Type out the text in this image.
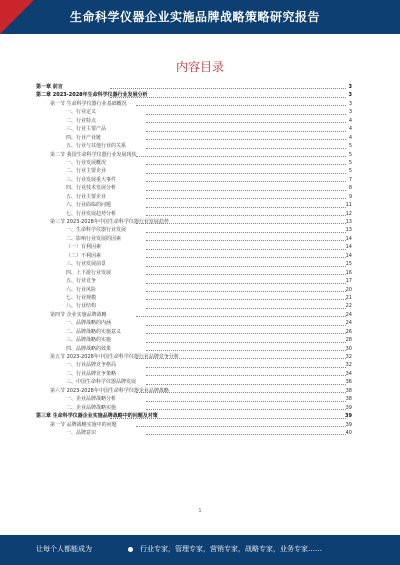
生命科学仪器企业实施品牌战略策略研究报告
内容目录
第一章 前言	3
第二章 2023-2028年生命科学仪器行业发展分析	3
第一节 生命科学仪器行业基础概况	3
一、行业定义	3
二、行业特点	4
三、行业主要产品	4
四、行业产业链	4
五、行业与其他行业的关系	5
第二节 我国生命科学仪器行业发展现状	5
一、行业发展概况	5
二、行业主要企业	5
三、行业发展重大事件	7
四、行业技术发展分析	8
五、行业主要企业	9
六、行业面临的问题	11
七、行业发展趋势分析	12
第三节 2023-2028年中国生命科学仪器行业发展趋势	13
一、生命科学仪器行业发展	13
二、影响行业发展的因素	14
（一）有利因素	14
（二）不利因素	14
三、行业发展前景	15
四、上下游行业发展	16
五、行业竞争	17
六、行业风险	20
七、行业规模	21
八、行业结构	22
第四节 企业实施品牌战略	24
一、品牌战略的内涵	24
二、品牌战略的实施意义	26
三、品牌战略的实施	28
四、品牌战略的效果	30
第五节 2023-2028年中国生命科学仪器行业品牌竞争分析	32
一、行业品牌竞争格局	32
二、行业品牌竞争策略	34
三、中国生命科学仪器品牌发展	36
第六节 2023-2028年中国生命科学仪器企业品牌战略	38
一、企业品牌战略分析	38
二、企业品牌战略实施	39
第三章 生命科学仪器企业实施品牌战略中的问题及对策	39
第一节 品牌战略实施中的问题	39
一、品牌意识	40
1
让每个人都能成为	行业专家，管理专家，营销专家，战略专家，业务专家……
